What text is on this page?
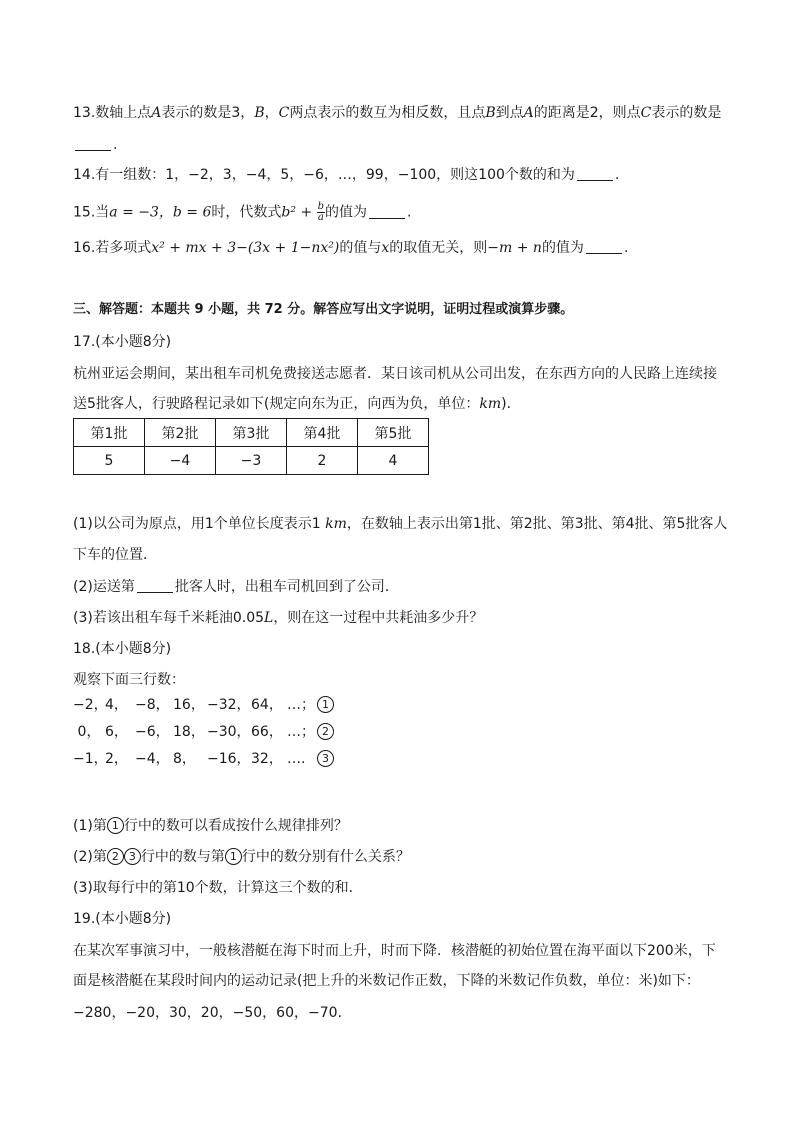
13.数轴上点A表示的数是3，B，C两点表示的数互为相反数，且点B到点A的距离是2，则点C表示的数是
.
14.有一组数：1，−2，3，−4，5，−6，…，99，−100，则这100个数的和为	.
15.当a = −3，b = 6时，代数式$b^2 + \frac{b}{a}$ 的值为	.
16.若多项式x² + mx + 3−(3x + 1−nx²)的值与x的取值无关，则−m + n的值为	.
三、解答题：本题共 9 小题，共 72 分。解答应写出文字说明，证明过程或演算步骤。
17.(本小题8分)
杭州亚运会期间，某出租车司机免费接送志愿者．某日该司机从公司出发，在东西方向的人民路上连续接
送5批客人，行驶路程记录如下(规定向东为正，向西为负，单位：km)．
第1批	第2批	第3批	第4批	第5批
5	−4	−3	2	4
(1)以公司为原点，用1个单位长度表示1 km，在数轴上表示出第1批、第2批、第3批、第4批、第5批客人
下车的位置．
(2)运送第	批客人时，出租车司机回到了公司．
(3)若该出租车每千米耗油0.05L，则在这一过程中共耗油多少升？
18.(本小题8分)
观察下面三行数：
−2，4， −8， 16， −32，64， …； 1
0， 6， −6， 18， −30，66， …； 2
−1，2， −4， 8， −16，32， …. 3
(1)第 1 行中的数可以看成按什么规律排列？
(2)第 2 3 行中的数与第 1 行中的数分别有什么关系？
(3)取每行中的第10个数，计算这三个数的和．
19.(本小题8分)
在某次军事演习中，一般核潜艇在海下时而上升，时而下降．核潜艇的初始位置在海平面以下200米，下
面是核潜艇在某段时间内的运动记录(把上升的米数记作正数，下降的米数记作负数，单位：米)如下：
−280，−20，30，20，−50，60，−70.
